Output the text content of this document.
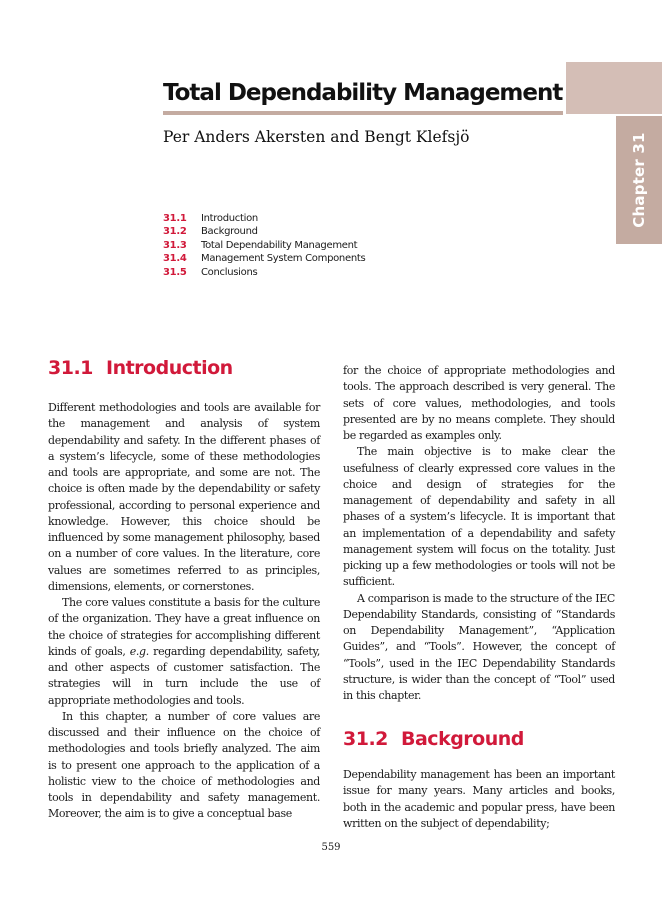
Chapter 31
Total Dependability Management

Per Anders Akersten and Bengt Klefsjö

31.1 Introduction
31.2 Background
31.3 Total Dependability Management
31.4 Management System Components
31.5 Conclusions
31.1 Introduction

Different methodologies and tools are available for the management and analysis of system dependability and safety. In the different phases of a system’s lifecycle, some of these methodologies and tools are appropriate, and some are not. The choice is often made by the dependability or safety professional, according to personal experience and knowledge. However, this choice should be influenced by some management philosophy, based on a number of core values. In the literature, core values are sometimes referred to as principles, dimensions, elements, or cornerstones.

The core values constitute a basis for the culture of the organization. They have a great influence on the choice of strategies for accomplishing different kinds of goals, e.g. regarding dependability, safety, and other aspects of customer satisfaction. The strategies will in turn include the use of appropriate methodologies and tools.

In this chapter, a number of core values are discussed and their influence on the choice of methodologies and tools briefly analyzed. The aim is to present one approach to the application of a holistic view to the choice of methodologies and tools in dependability and safety management. Moreover, the aim is to give a conceptual base

for the choice of appropriate methodologies and tools. The approach described is very general. The sets of core values, methodologies, and tools presented are by no means complete. They should be regarded as examples only.

The main objective is to make clear the usefulness of clearly expressed core values in the choice and design of strategies for the management of dependability and safety in all phases of a system’s lifecycle. It is important that an implementation of a dependability and safety management system will focus on the totality. Just picking up a few methodologies or tools will not be sufficient.

A comparison is made to the structure of the IEC Dependability Standards, consisting of “Standards on Dependability Management”, “Application Guides”, and “Tools”. However, the concept of “Tools”, used in the IEC Dependability Standards structure, is wider than the concept of “Tool” used in this chapter.

31.2 Background

Dependability management has been an important issue for many years. Many articles and books, both in the academic and popular press, have been written on the subject of dependability;

559
